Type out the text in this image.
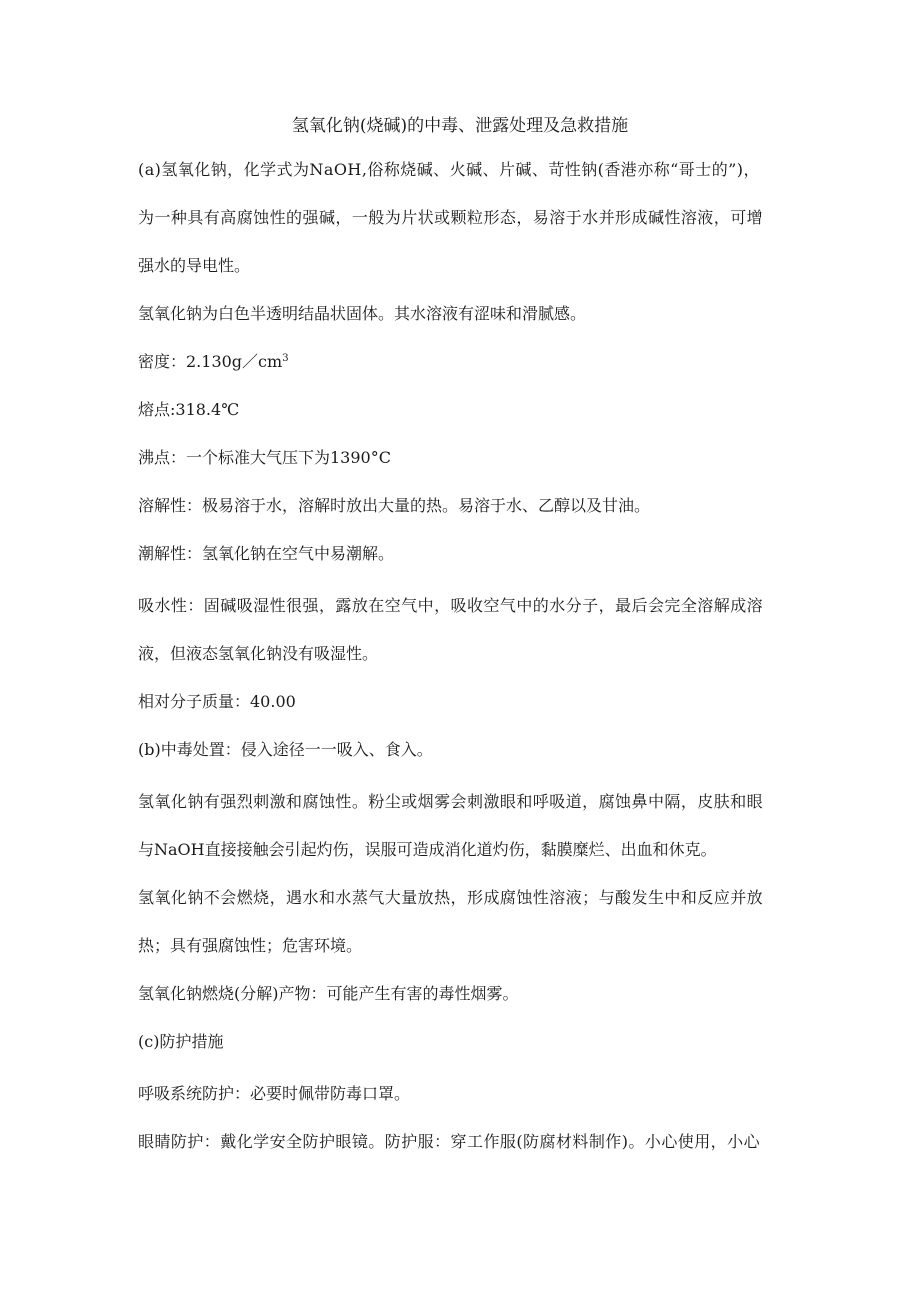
氢氧化钠(烧碱)的中毒、泄露处理及急救措施
(a)氢氧化钠，化学式为NaOH,俗称烧碱、火碱、片碱、苛性钠(香港亦称“哥士的”)，
为一种具有高腐蚀性的强碱，一般为片状或颗粒形态，易溶于水并形成碱性溶液，可增
强水的导电性。
氢氧化钠为白色半透明结晶状固体。其水溶液有涩味和滑腻感。
密度：$2.130g/cm^3$
熔点:318.4℃
沸点：一个标准大气压下为1390°C
溶解性：极易溶于水，溶解时放出大量的热。易溶于水、乙醇以及甘油。
潮解性：氢氧化钠在空气中易潮解。
吸水性：固碱吸湿性很强，露放在空气中，吸收空气中的水分子，最后会完全溶解成溶
液，但液态氢氧化钠没有吸湿性。
相对分子质量：40.00
(b)中毒处置：侵入途径一一吸入、食入。
氢氧化钠有强烈刺激和腐蚀性。粉尘或烟雾会刺激眼和呼吸道，腐蚀鼻中隔，皮肤和眼
与NaOH直接接触会引起灼伤，误服可造成消化道灼伤，黏膜糜烂、出血和休克。
氢氧化钠不会燃烧，遇水和水蒸气大量放热，形成腐蚀性溶液；与酸发生中和反应并放
热；具有强腐蚀性；危害环境。
氢氧化钠燃烧(分解)产物：可能产生有害的毒性烟雾。
(c)防护措施
呼吸系统防护：必要时佩带防毒口罩。
眼睛防护：戴化学安全防护眼镜。防护服：穿工作服(防腐材料制作)。小心使用，小心
